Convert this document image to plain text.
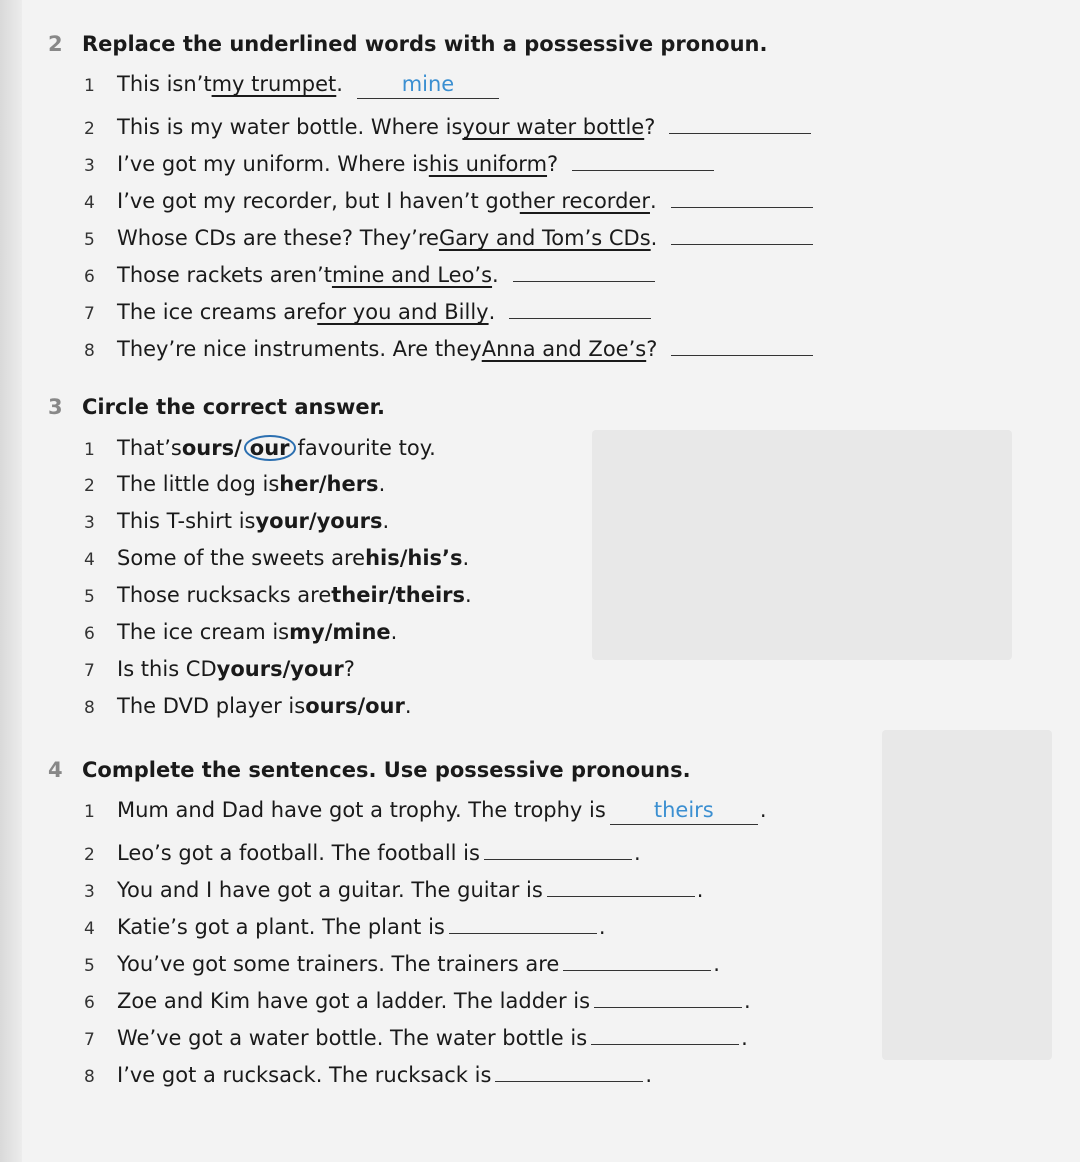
2 Replace the underlined words with a possessive pronoun.
1	This isn’t my trumpet .	mine
2	This is my water bottle. Where is your water bottle ?
3	I’ve got my uniform. Where is his uniform ?
4	I’ve got my recorder, but I haven’t got her recorder .
5	Whose CDs are these? They’re Gary and Tom’s CDs .
6	Those rackets aren’t mine and Leo’s .
7	The ice creams are for you and Billy .
8	They’re nice instruments. Are they Anna and Zoe’s ?
3 Circle the correct answer.
1	That’s ours / our favourite toy.
2	The little dog is her / hers .
3	This T-shirt is your / yours .
4	Some of the sweets are his / his’s .
5	Those rucksacks are their / theirs .
6	The ice cream is my / mine .
7	Is this CD yours / your ?
8	The DVD player is ours / our .
4 Complete the sentences. Use possessive pronouns.
1	Mum and Dad have got a trophy. The trophy is	theirs	.
2	Leo’s got a football. The football is	.
3	You and I have got a guitar. The guitar is	.
4	Katie’s got a plant. The plant is	.
5	You’ve got some trainers. The trainers are	.
6	Zoe and Kim have got a ladder. The ladder is	.
7	We’ve got a water bottle. The water bottle is	.
8	I’ve got a rucksack. The rucksack is	.
